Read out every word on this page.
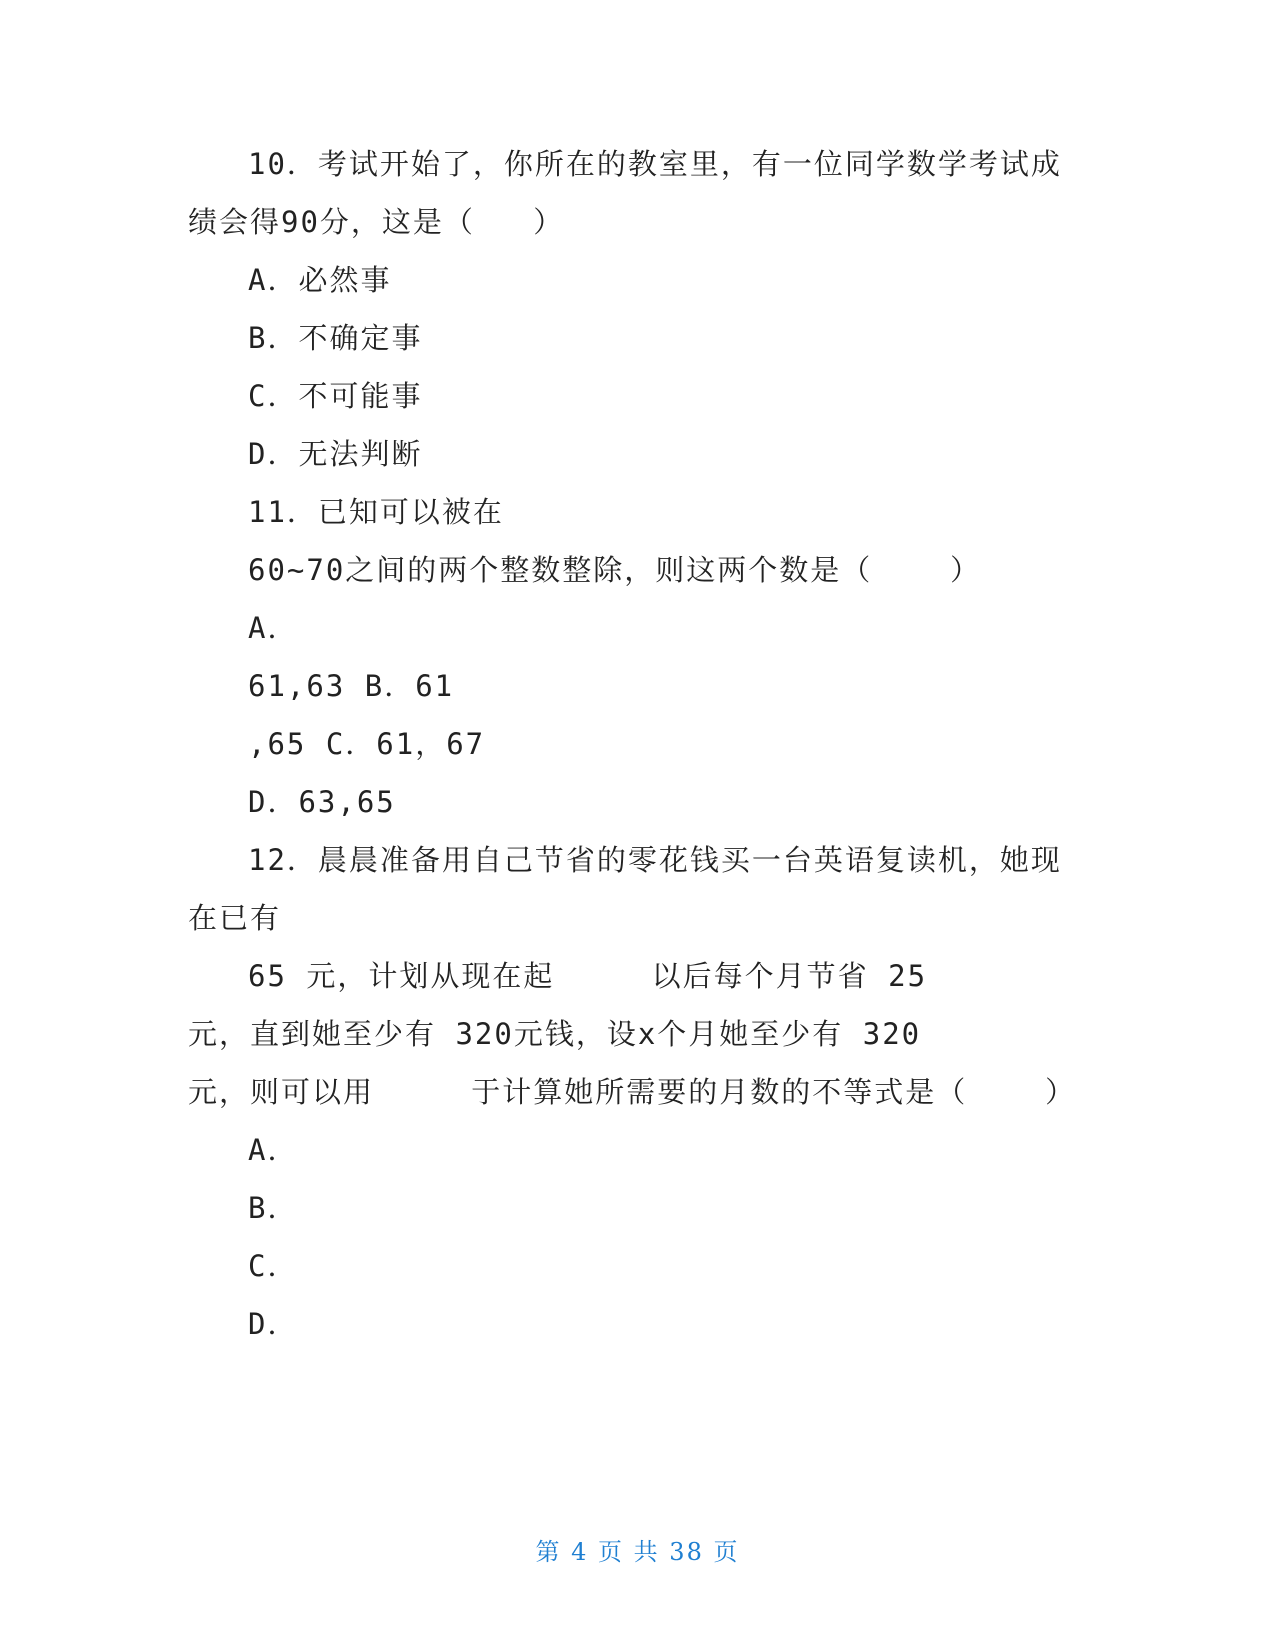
10．考试开始了，你所在的教室里，有一位同学数学考试成
绩会得90分，这是（   ）
A．必然事
B．不确定事
C．不可能事
D．无法判断
11．已知可以被在
60~70之间的两个整数整除，则这两个数是（    ）
A．
61,63 B．61
,65 C．61，67
D．63,65
12．晨晨准备用自己节省的零花钱买一台英语复读机，她现
在已有
65 元，计划从现在起     以后每个月节省 25
元，直到她至少有 320元钱，设x个月她至少有 320
元，则可以用     于计算她所需要的月数的不等式是（    ）
A．
B．
C．
D．
第 4 页 共 38 页
